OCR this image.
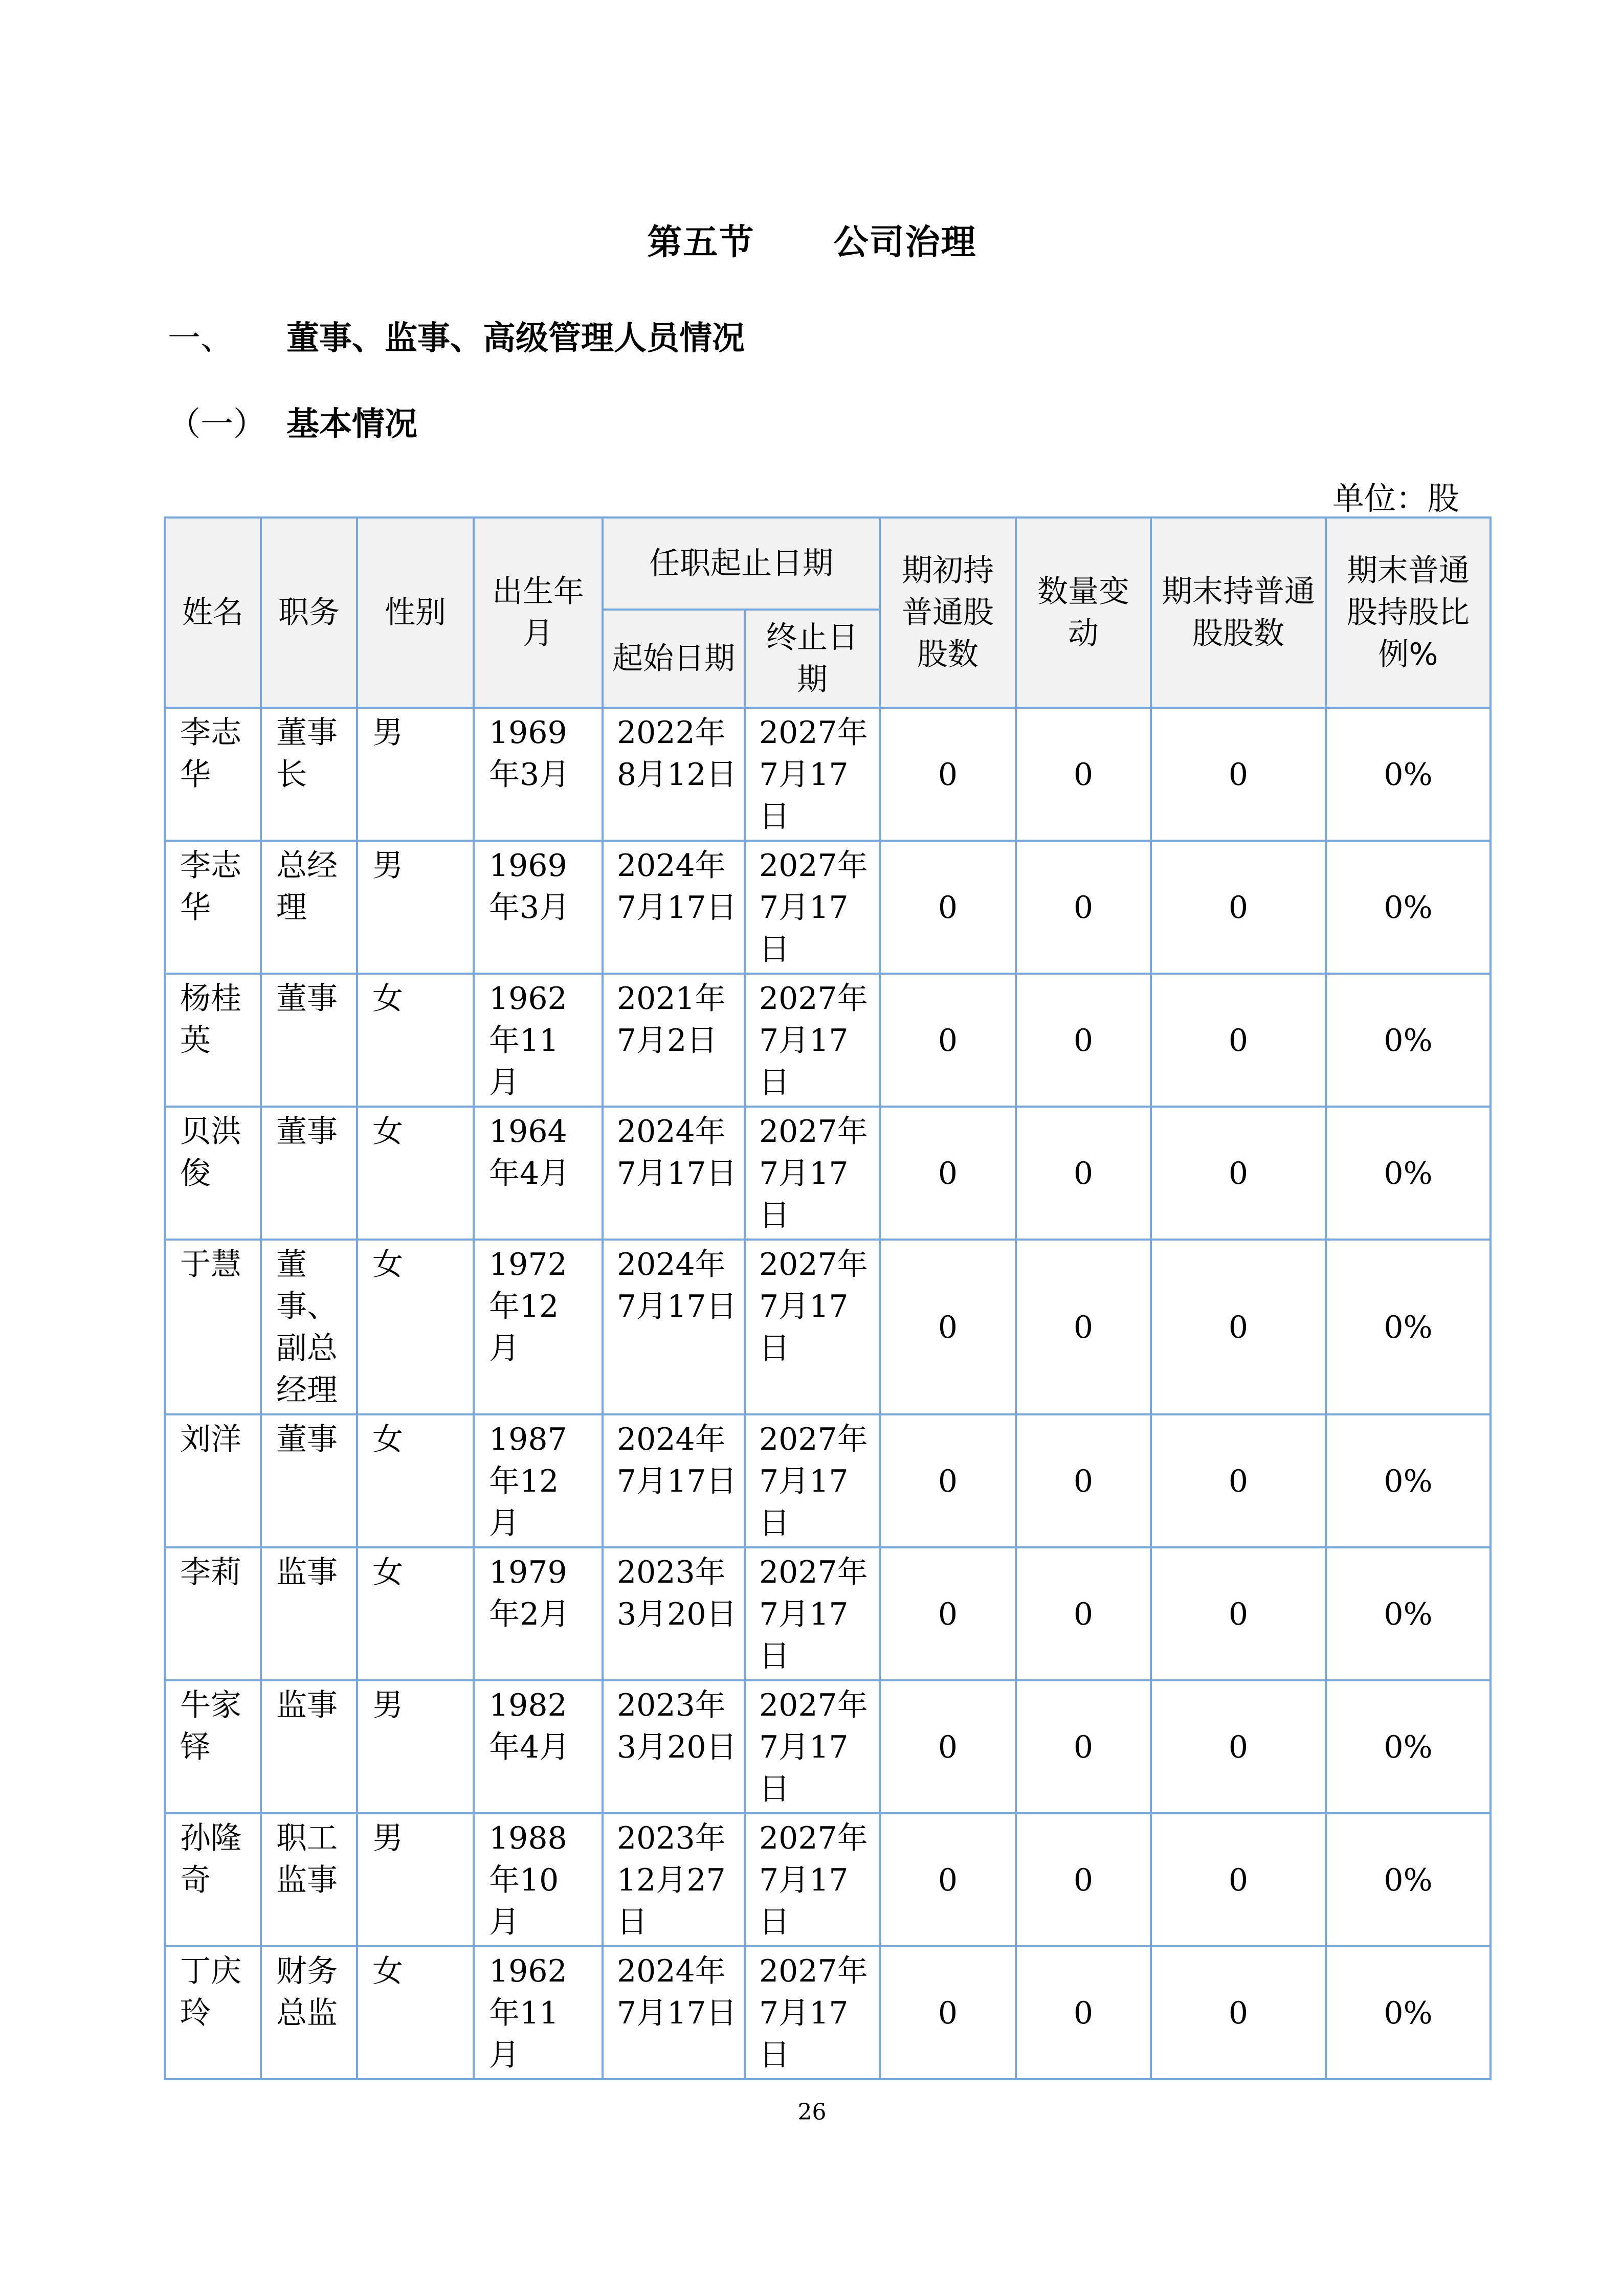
第五节      公司治理
一、 董事、监事、高级管理人员情况
（一） 基本情况
单位：股
姓名	职务	性别	出生年月	任职起止日期		期初持普通股股数	数量变动	期末持普通股股数	期末普通股持股比例%
				起始日期	终止日期				
李志华	董事长	男	1969年3月	2022年8月12日	2027年7月17日	0	0	0	0%
李志华	总经理	男	1969年3月	2024年7月17日	2027年7月17日	0	0	0	0%
杨桂英	董事	女	1962年11月	2021年7月2日	2027年7月17日	0	0	0	0%
贝洪俊	董事	女	1964年4月	2024年7月17日	2027年7月17日	0	0	0	0%
于慧	董事、副总经理	女	1972年12月	2024年7月17日	2027年7月17日	0	0	0	0%
刘洋	董事	女	1987年12月	2024年7月17日	2027年7月17日	0	0	0	0%
李莉	监事	女	1979年2月	2023年3月20日	2027年7月17日	0	0	0	0%
牛家铎	监事	男	1982年4月	2023年3月20日	2027年7月17日	0	0	0	0%
孙隆奇	职工监事	男	1988年10月	2023年12月27日	2027年7月17日	0	0	0	0%
丁庆玲	财务总监	女	1962年11月	2024年7月17日	2027年7月17日	0	0	0	0%
26
